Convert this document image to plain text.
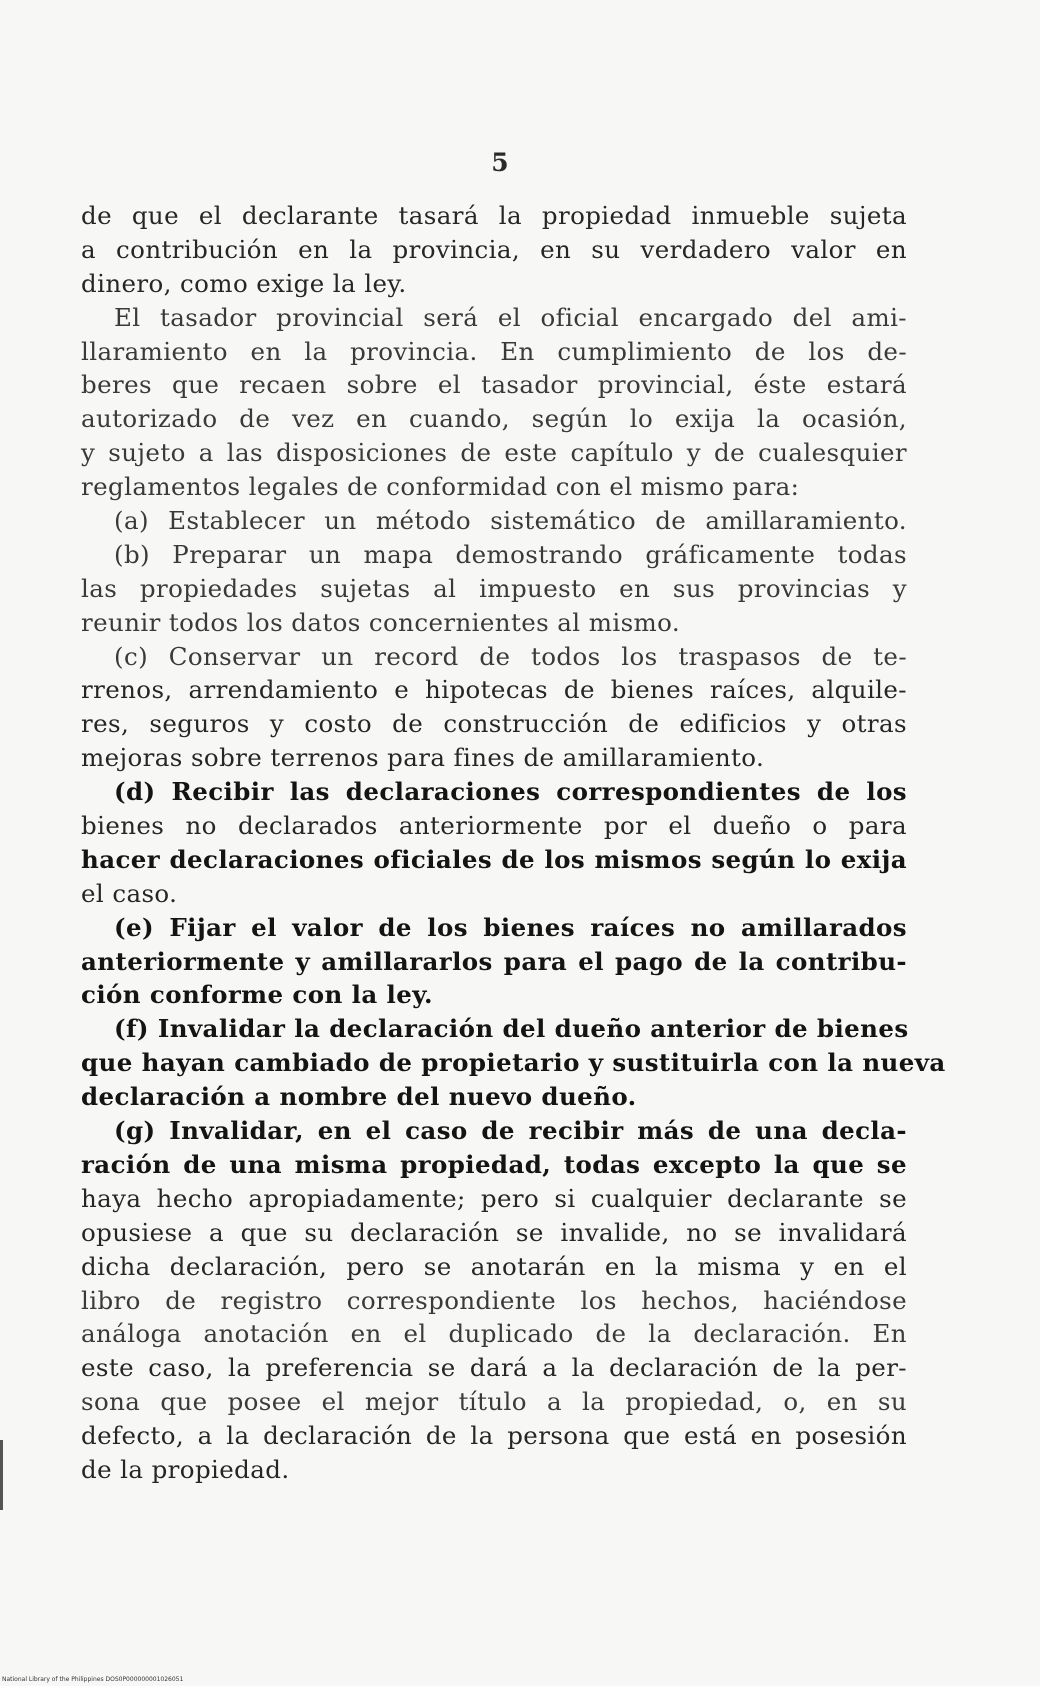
5
de que el declarante tasará la propiedad inmueble sujeta
a contribución en la provincia, en su verdadero valor en
dinero, como exige la ley.
El tasador provincial será el oficial encargado del ami-
llaramiento en la provincia. En cumplimiento de los de-
beres que recaen sobre el tasador provincial, éste estará
autorizado de vez en cuando, según lo exija la ocasión,
y sujeto a las disposiciones de este capítulo y de cualesquier
reglamentos legales de conformidad con el mismo para:
(a) Establecer un método sistemático de amillaramiento.
(b) Preparar un mapa demostrando gráficamente todas
las propiedades sujetas al impuesto en sus provincias y
reunir todos los datos concernientes al mismo.
(c) Conservar un record de todos los traspasos de te-
rrenos, arrendamiento e hipotecas de bienes raíces, alquile-
res, seguros y costo de construcción de edificios y otras
mejoras sobre terrenos para fines de amillaramiento.
(d) Recibir las declaraciones correspondientes de los
bienes no declarados anteriormente por el dueño o para
hacer declaraciones oficiales de los mismos según lo exija
el caso.
(e) Fijar el valor de los bienes raíces no amillarados
anteriormente y amillararlos para el pago de la contribu-
ción conforme con la ley.
(f) Invalidar la declaración del dueño anterior de bienes
que hayan cambiado de propietario y sustituirla con la nueva
declaración a nombre del nuevo dueño.
(g) Invalidar, en el caso de recibir más de una decla-
ración de una misma propiedad, todas excepto la que se
haya hecho apropiadamente; pero si cualquier declarante se
opusiese a que su declaración se invalide, no se invalidará
dicha declaración, pero se anotarán en la misma y en el
libro de registro correspondiente los hechos, haciéndose
análoga anotación en el duplicado de la declaración. En
este caso, la preferencia se dará a la declaración de la per-
sona que posee el mejor título a la propiedad, o, en su
defecto, a la declaración de la persona que está en posesión
de la propiedad.
National Library of the Philippines DOS0P000000001026051
